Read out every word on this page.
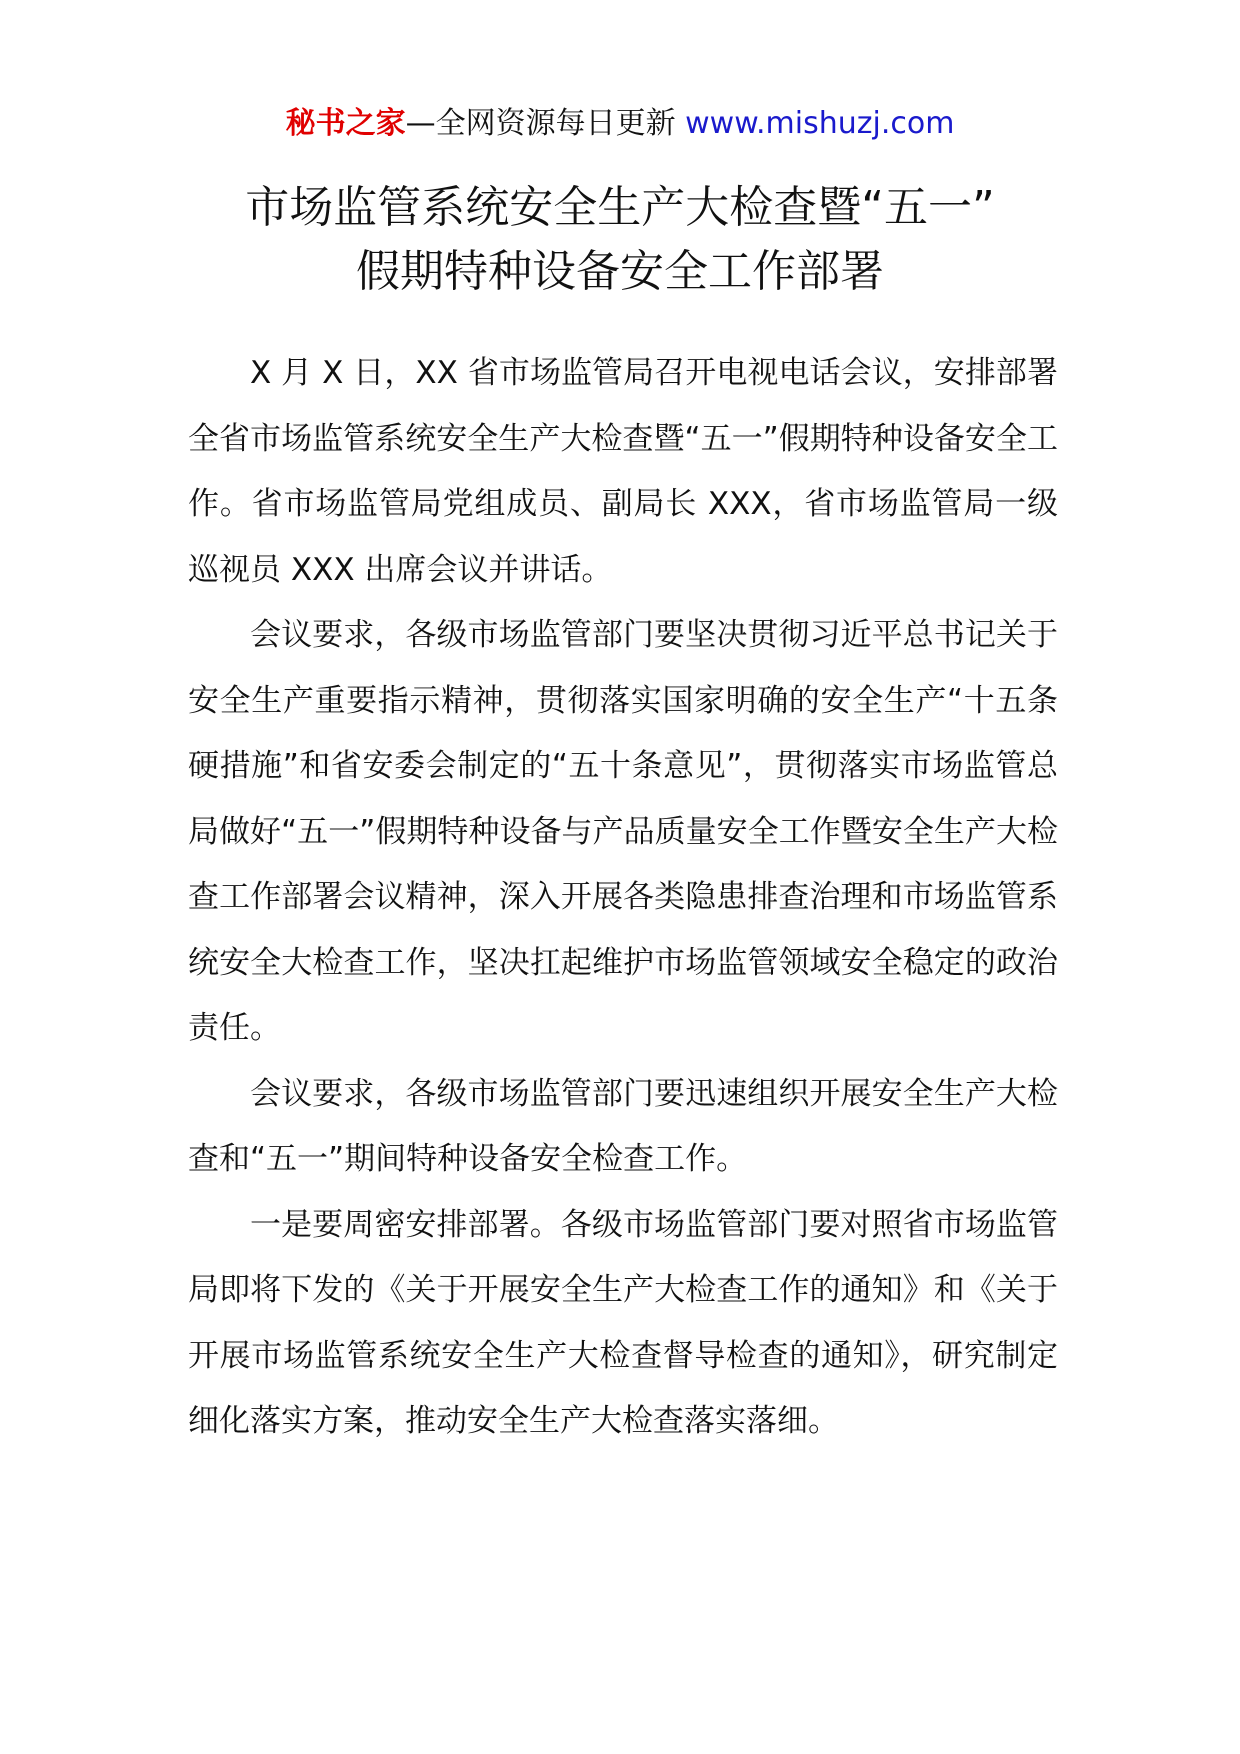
秘书之家—全网资源每日更新 www.mishuzj.com
市场监管系统安全生产大检查暨“五一”
假期特种设备安全工作部署

X 月 X 日，XX 省市场监管局召开电视电话会议，安排部署全省市场监管系统安全生产大检查暨“五一”假期特种设备安全工作。省市场监管局党组成员、副局长 XXX，省市场监管局一级巡视员 XXX 出席会议并讲话。

会议要求，各级市场监管部门要坚决贯彻习近平总书记关于安全生产重要指示精神，贯彻落实国家明确的安全生产“十五条硬措施”和省安委会制定的“五十条意见”，贯彻落实市场监管总局做好“五一”假期特种设备与产品质量安全工作暨安全生产大检查工作部署会议精神，深入开展各类隐患排查治理和市场监管系统安全大检查工作，坚决扛起维护市场监管领域安全稳定的政治责任。

会议要求，各级市场监管部门要迅速组织开展安全生产大检查和“五一”期间特种设备安全检查工作。

一是要周密安排部署。各级市场监管部门要对照省市场监管局即将下发的《关于开展安全生产大检查工作的通知》和《关于开展市场监管系统安全生产大检查督导检查的通知》，研究制定细化落实方案，推动安全生产大检查落实落细。
